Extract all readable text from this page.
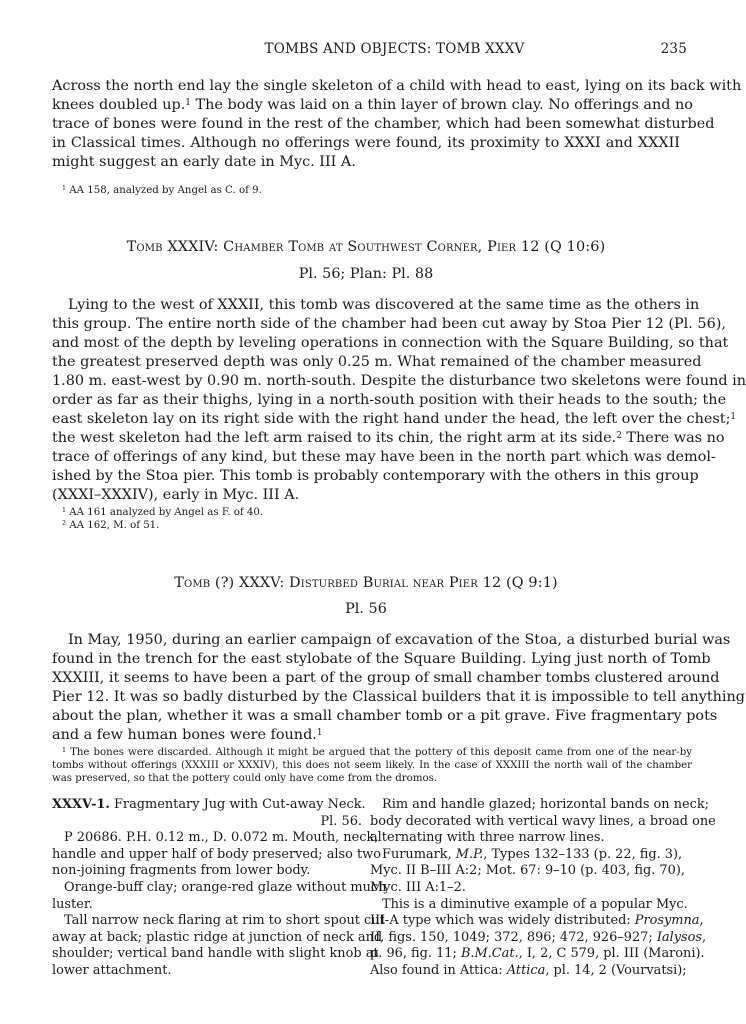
TOMBS AND OBJECTS: TOMB XXXV	235
Across the north end lay the single skeleton of a child with head to east, lying on its back with
knees doubled up.$^1$ The body was laid on a thin layer of brown clay. No offerings and no
trace of bones were found in the rest of the chamber, which had been somewhat disturbed
in Classical times. Although no offerings were found, its proximity to XXXI and XXXII
might suggest an early date in Myc. III A.
$^1$ AA 158, analyzed by Angel as C. of 9.
Tomb XXXIV: Chamber Tomb at Southwest Corner, Pier 12 (Q 10:6)
Pl. 56; Plan: Pl. 88
Lying to the west of XXXII, this tomb was discovered at the same time as the others in
this group. The entire north side of the chamber had been cut away by Stoa Pier 12 (Pl. 56),
and most of the depth by leveling operations in connection with the Square Building, so that
the greatest preserved depth was only 0.25 m. What remained of the chamber measured
1.80 m. east-west by 0.90 m. north-south. Despite the disturbance two skeletons were found in
order as far as their thighs, lying in a north-south position with their heads to the south; the
east skeleton lay on its right side with the right hand under the head, the left over the chest;$^1$
the west skeleton had the left arm raised to its chin, the right arm at its side.$^2$ There was no
trace of offerings of any kind, but these may have been in the north part which was demol-
ished by the Stoa pier. This tomb is probably contemporary with the others in this group
(XXXI–XXXIV), early in Myc. III A.
$^1$ AA 161 analyzed by Angel as F. of 40.
$^2$ AA 162, M. of 51.
Tomb (?) XXXV: Disturbed Burial near Pier 12 (Q 9:1)
Pl. 56
In May, 1950, during an earlier campaign of excavation of the Stoa, a disturbed burial was
found in the trench for the east stylobate of the Square Building. Lying just north of Tomb
XXXIII, it seems to have been a part of the group of small chamber tombs clustered around
Pier 12. It was so badly disturbed by the Classical builders that it is impossible to tell anything
about the plan, whether it was a small chamber tomb or a pit grave. Five fragmentary pots
and a few human bones were found.$^1$
$^1$ The bones were discarded. Although it might be argued that the pottery of this deposit came from one of the near-by
tombs without offerings (XXXIII or XXXIV), this does not seem likely. In the case of XXXIII the north wall of the chamber
was preserved, so that the pottery could only have come from the dromos.
XXXV-1. Fragmentary Jug with Cut-away Neck.
Pl. 56.
P 20686. P.H. 0.12 m., D. 0.072 m. Mouth, neck,
handle and upper half of body preserved; also two
non-joining fragments from lower body.
Orange-buff clay; orange-red glaze without much
luster.
Tall narrow neck flaring at rim to short spout cut-
away at back; plastic ridge at junction of neck and
shoulder; vertical band handle with slight knob at
lower attachment.
Rim and handle glazed; horizontal bands on neck;
body decorated with vertical wavy lines, a broad one
alternating with three narrow lines.
Furumark, M.P., Types 132–133 (p. 22, fig. 3),
Myc. II B–III A:2; Mot. 67: 9–10 (p. 403, fig. 70),
Myc. III A:1–2.
This is a diminutive example of a popular Myc.
III A type which was widely distributed: Prosymna,
II, figs. 150, 1049; 372, 896; 472, 926–927; Ialysos,
p. 96, fig. 11; B.M.Cat., I, 2, C 579, pl. III (Maroni).
Also found in Attica: Attica, pl. 14, 2 (Vourvatsi);
